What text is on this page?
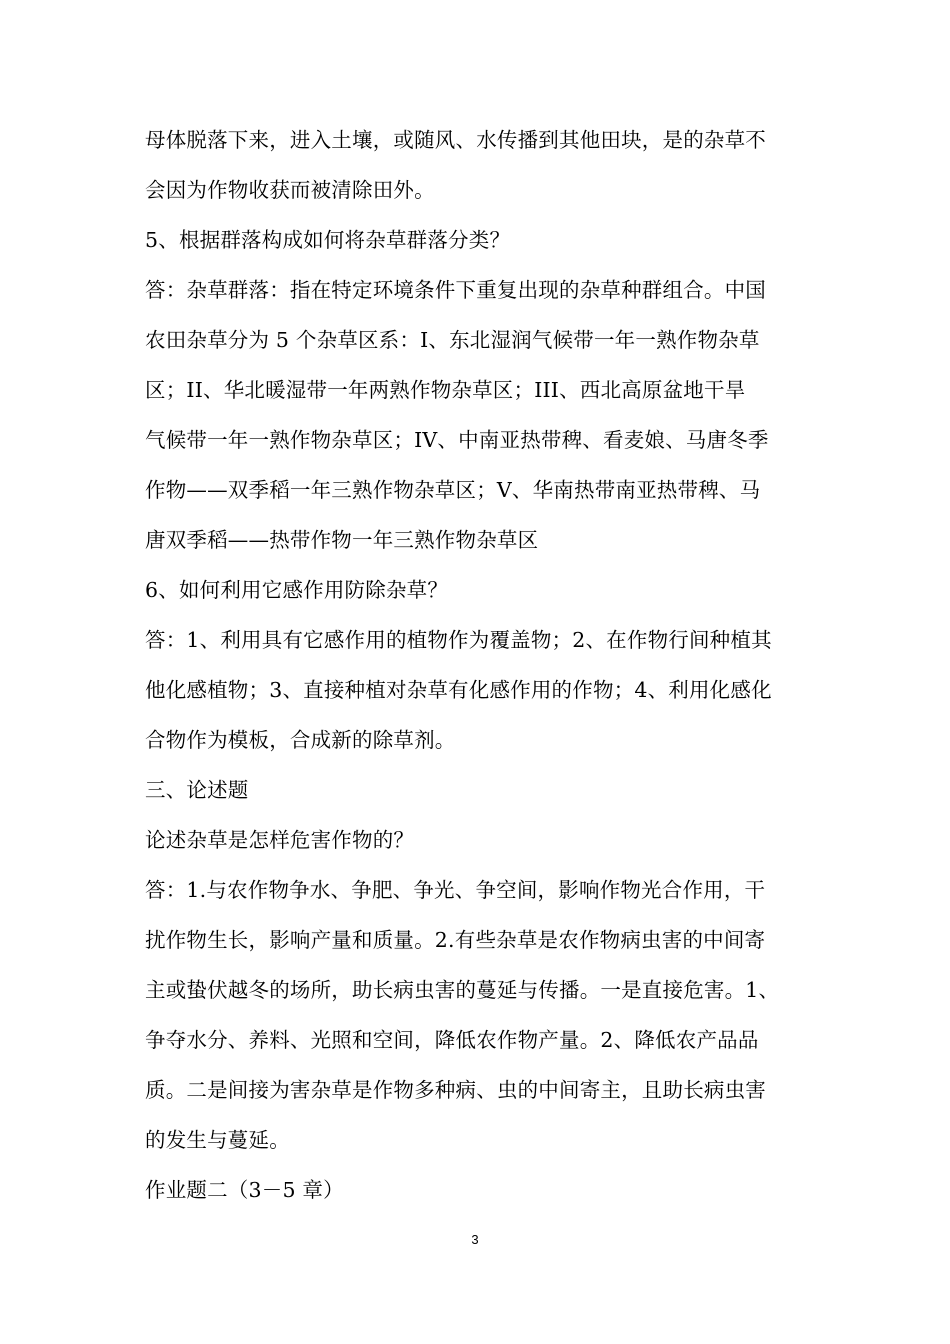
母体脱落下来，进入土壤，或随风、水传播到其他田块，是的杂草不
会因为作物收获而被清除田外。
5、根据群落构成如何将杂草群落分类？
答：杂草群落：指在特定环境条件下重复出现的杂草种群组合。中国
农田杂草分为 5 个杂草区系：I、东北湿润气候带一年一熟作物杂草
区；II、华北暖湿带一年两熟作物杂草区；III、西北高原盆地干旱
气候带一年一熟作物杂草区；IV、中南亚热带稗、看麦娘、马唐冬季
作物——双季稻一年三熟作物杂草区；V、华南热带南亚热带稗、马
唐双季稻——热带作物一年三熟作物杂草区
6、如何利用它感作用防除杂草？
答：1、利用具有它感作用的植物作为覆盖物；2、在作物行间种植其
他化感植物；3、直接种植对杂草有化感作用的作物；4、利用化感化
合物作为模板，合成新的除草剂。
三、论述题
论述杂草是怎样危害作物的？
答：1.与农作物争水、争肥、争光、争空间，影响作物光合作用，干
扰作物生长，影响产量和质量。2.有些杂草是农作物病虫害的中间寄
主或蛰伏越冬的场所，助长病虫害的蔓延与传播。一是直接危害。1、
争夺水分、养料、光照和空间，降低农作物产量。2、降低农产品品
质。二是间接为害杂草是作物多种病、虫的中间寄主，且助长病虫害
的发生与蔓延。
作业题二（3－5 章）
3
